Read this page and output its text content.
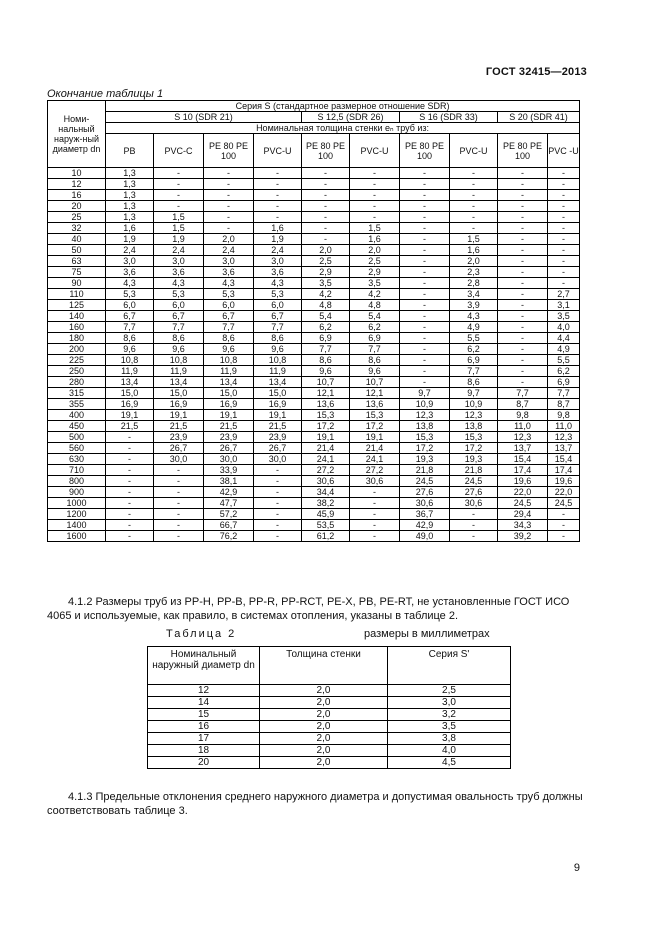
ГОСТ 32415—2013
Окончание таблицы 1
Номи-нальный наруж-ный диаметр dn	Серия S (стандартное размерное отношение SDR)									
	S 10 (SDR 21)				S 12,5 (SDR 26)		S 16 (SDR 33)		S 20 (SDR 41)	
	Номинальная толщина стенки eₙ труб из:									
	PB	PVC-C	PE 80 PE 100	PVC-U	PE 80 PE 100	PVC-U	PE 80 PE 100	PVC-U	PE 80 PE 100	PVC -U
10	1,3	-	-	-	-	-	-	-	-	-
12	1,3	-	-	-	-	-	-	-	-	-
16	1,3	-	-	-	-	-	-	-	-	-
20	1,3	-	-	-	-	-	-	-	-	-
25	1,3	1,5	-	-	-	-	-	-	-	-
32	1,6	1,5	-	1,6	-	1,5	-	-	-	-
40	1,9	1,9	2,0	1,9	-	1,6	-	1,5	-	-
50	2,4	2,4	2,4	2,4	2,0	2,0	-	1,6	-	-
63	3,0	3,0	3,0	3,0	2,5	2,5	-	2,0	-	-
75	3,6	3,6	3,6	3,6	2,9	2,9	-	2,3	-	-
90	4,3	4,3	4,3	4,3	3,5	3,5	-	2,8	-	-
110	5,3	5,3	5,3	5,3	4,2	4,2	-	3,4	-	2,7
125	6,0	6,0	6,0	6,0	4,8	4,8	-	3,9	-	3,1
140	6,7	6,7	6,7	6,7	5,4	5,4	-	4,3	-	3,5
160	7,7	7,7	7,7	7,7	6,2	6,2	-	4,9	-	4,0
180	8,6	8,6	8,6	8,6	6,9	6,9	-	5,5	-	4,4
200	9,6	9,6	9,6	9,6	7,7	7,7	-	6,2	-	4,9
225	10,8	10,8	10,8	10,8	8,6	8,6	-	6,9	-	5,5
250	11,9	11,9	11,9	11,9	9,6	9,6	-	7,7	-	6,2
280	13,4	13,4	13,4	13,4	10,7	10,7	-	8,6	-	6,9
315	15,0	15,0	15,0	15,0	12,1	12,1	9,7	9,7	7,7	7,7
355	16,9	16,9	16,9	16,9	13,6	13,6	10,9	10,9	8,7	8,7
400	19,1	19,1	19,1	19,1	15,3	15,3	12,3	12,3	9,8	9,8
450	21,5	21,5	21,5	21,5	17,2	17,2	13,8	13,8	11,0	11,0
500	-	23,9	23,9	23,9	19,1	19,1	15,3	15,3	12,3	12,3
560	-	26,7	26,7	26,7	21,4	21,4	17,2	17,2	13,7	13,7
630	-	30,0	30,0	30,0	24,1	24,1	19,3	19,3	15,4	15,4
710	-	-	33,9	-	27,2	27,2	21,8	21,8	17,4	17,4
800	-	-	38,1	-	30,6	30,6	24,5	24,5	19,6	19,6
900	-	-	42,9	-	34,4	-	27,6	27,6	22,0	22,0
1000	-	-	47,7	-	38,2	-	30,6	30,6	24,5	24,5
1200	-	-	57,2	-	45,9	-	36,7	-	29,4	-
1400	-	-	66,7	-	53,5	-	42,9	-	34,3	-
1600	-	-	76,2	-	61,2	-	49,0	-	39,2	-
4.1.2 Размеры труб из PP-H, PP-B, PP-R, PP-RCT, PE-X, PB, PE-RT, не установленные ГОСТ ИСО 4065 и используемые, как правило, в системах отопления, указаны в таблице 2.
Таблица 2	размеры в миллиметрах
Номинальный наружный диаметр dn	Толщина стенки	Серия S'
12	2,0	2,5
14	2,0	3,0
15	2,0	3,2
16	2,0	3,5
17	2,0	3,8
18	2,0	4,0
20	2,0	4,5
4.1.3 Предельные отклонения среднего наружного диаметра и допустимая овальность труб должны соответствовать таблице 3.
9
